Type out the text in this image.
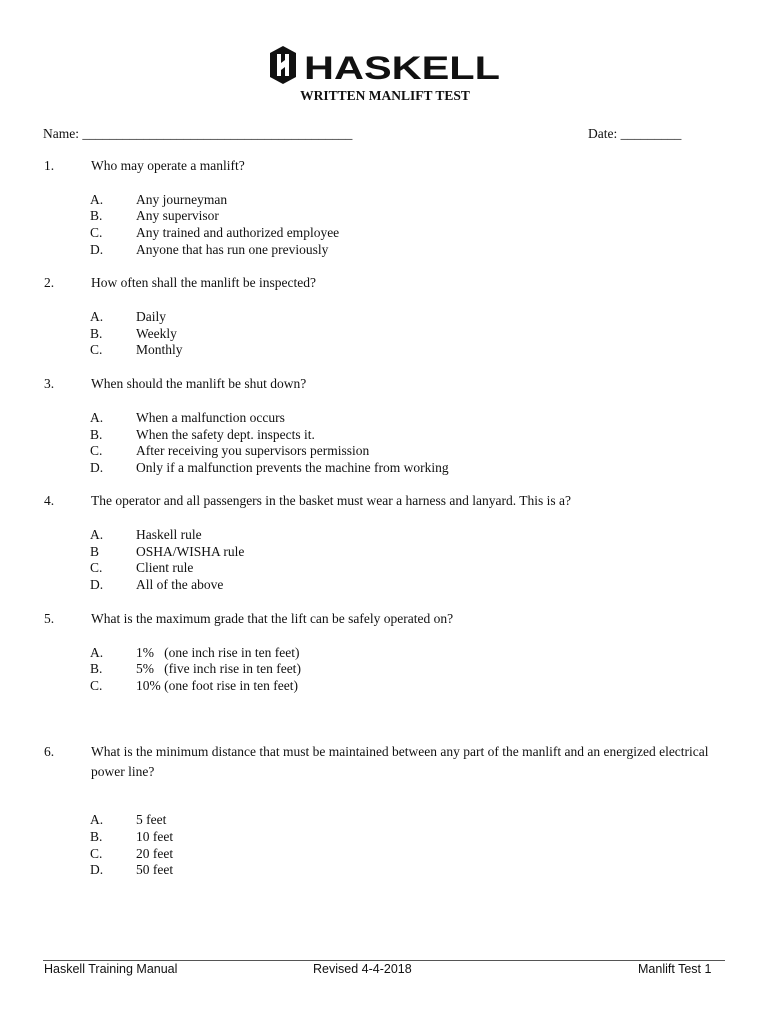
HASKELL
WRITTEN MANLIFT TEST
Name: ________________________________________	Date: _________
1.	Who may operate a manlift?
A. Any journeyman
B. Any supervisor
C. Any trained and authorized employee
D. Anyone that has run one previously
2.	How often shall the manlift be inspected?
A. Daily
B. Weekly
C. Monthly
3.	When should the manlift be shut down?
A. When a malfunction occurs
B. When the safety dept. inspects it.
C. After receiving you supervisors permission
D. Only if a malfunction prevents the machine from working
4.	The operator and all passengers in the basket must wear a harness and lanyard. This is a?
A. Haskell rule
B	OSHA/WISHA rule
C. Client rule
D. All of the above
5.	What is the maximum grade that the lift can be safely operated on?
A. 1%   (one inch rise in ten feet)
B. 5%   (five inch rise in ten feet)
C. 10% (one foot rise in ten feet)
6.	What is the minimum distance that must be maintained between any part of the manlift and an energized electrical power line?
A. 5 feet
B. 10 feet
C. 20 feet
D. 50 feet
Haskell Training Manual	Revised 4-4-2018	Manlift Test 1
